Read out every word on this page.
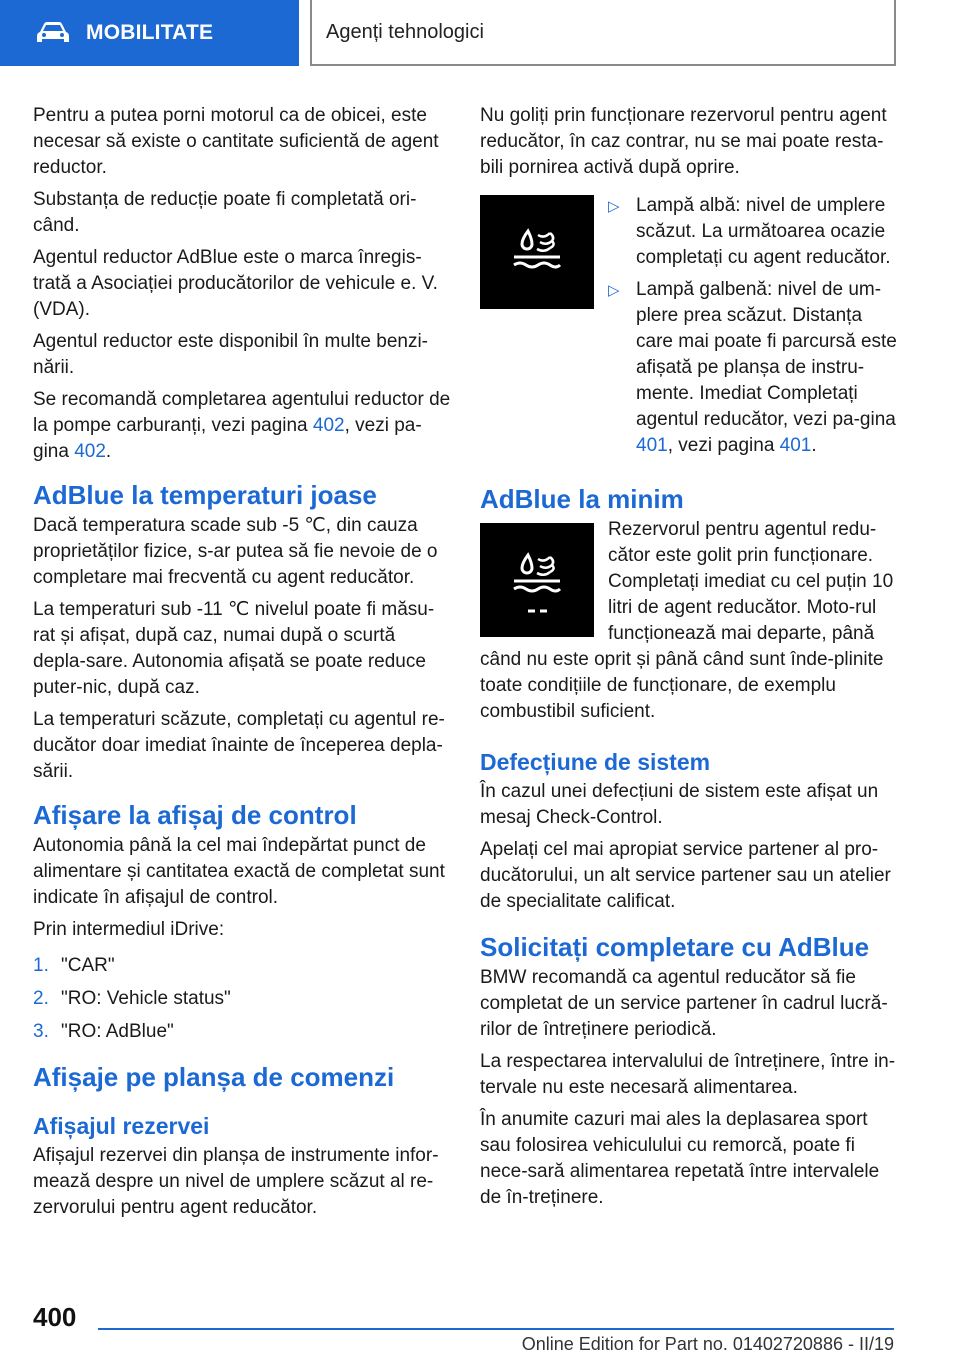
MOBILITATE	Agenți tehnologici

Pentru a putea porni motorul ca de obicei, este necesar să existe o cantitate suficientă de agent reductor.

Substanța de reducție poate fi completată ori-când.

Agentul reductor AdBlue este o marca înregis-trată a Asociației producătorilor de vehicule e. V. (VDA).

Agentul reductor este disponibil în multe benzi-nării.

Se recomandă completarea agentului reductor de la pompe carburanți, vezi pagina 402, vezi pa-gina 402.

AdBlue la temperaturi joase

Dacă temperatura scade sub -5 ℃, din cauza proprietăților fizice, s-ar putea să fie nevoie de o completare mai frecventă cu agent reducător.

La temperaturi sub -11 ℃ nivelul poate fi măsu-rat și afișat, după caz, numai după o scurtă depla-sare. Autonomia afișată se poate reduce puter-nic, după caz.

La temperaturi scăzute, completați cu agentul re-ducător doar imediat înainte de începerea depla-sării.

Afișare la afișaj de control

Autonomia până la cel mai îndepărtat punct de alimentare și cantitatea exactă de completat sunt indicate în afișajul de control.

Prin intermediul iDrive:

1. "CAR"
2. "RO: Vehicle status"
3. "RO: AdBlue"
Afișaje pe planșa de comenzi
Afișajul rezervei

Afișajul rezervei din planșa de instrumente infor-mează despre un nivel de umplere scăzut al re-zervorului pentru agent reducător.

Nu goliți prin funcționare rezervorul pentru agent reducător, în caz contrar, nu se mai poate resta-bili pornirea activă după oprire.

▷ Lampă albă: nivel de umplere scăzut. La următoarea ocazie completați cu agent reducător.
▷ Lampă galbenă: nivel de um-plere prea scăzut. Distanța care mai poate fi parcursă este afișată pe planșa de instru-mente. Imediat Completați agentul reducător, vezi pa-gina 401, vezi pagina 401.
AdBlue la minim

Rezervorul pentru agentul redu-cător este golit prin funcționare. Completați imediat cu cel puțin 10 litri de agent reducător. Moto-rul funcționează mai departe, până când nu este oprit și până când sunt înde-plinite toate condițiile de funcționare, de exemplu combustibil suficient.

Defecțiune de sistem

În cazul unei defecțiuni de sistem este afișat un mesaj Check-Control.

Apelați cel mai apropiat service partener al pro-ducătorului, un alt service partener sau un atelier de specialitate calificat.

Solicitați completare cu AdBlue

BMW recomandă ca agentul reducător să fie completat de un service partener în cadrul lucră-rilor de întreținere periodică.

La respectarea intervalului de întreținere, între in-tervale nu este necesară alimentarea.

În anumite cazuri mai ales la deplasarea sport sau folosirea vehiculului cu remorcă, poate fi nece-sară alimentarea repetată între intervalele de în-treținere.

400
Online Edition for Part no. 01402720886 - II/19
